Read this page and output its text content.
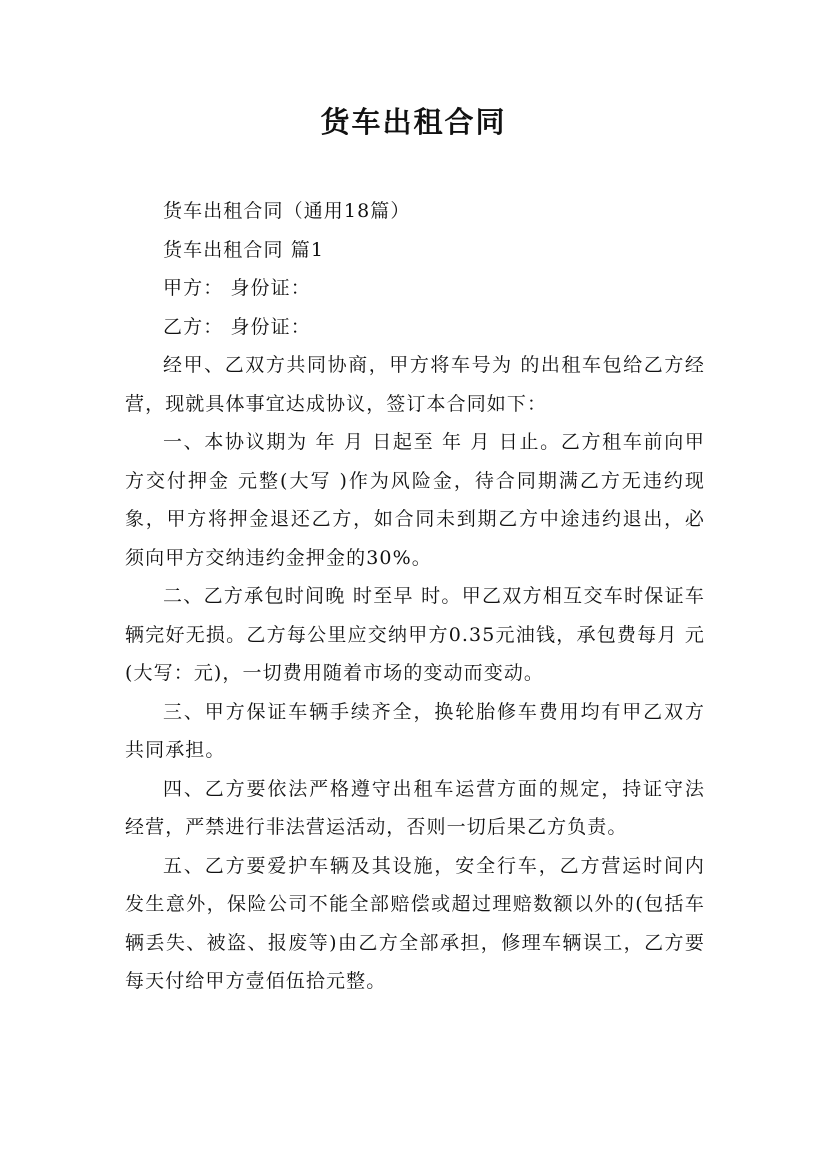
货车出租合同

货车出租合同（通用18篇）

货车出租合同 篇1

甲方： 身份证：

乙方： 身份证：

经甲、乙双方共同协商，甲方将车号为 的出租车包给乙方经营，现就具体事宜达成协议，签订本合同如下：

一、本协议期为 年 月 日起至 年 月 日止。乙方租车前向甲方交付押金 元整(大写 )作为风险金，待合同期满乙方无违约现象，甲方将押金退还乙方，如合同未到期乙方中途违约退出，必须向甲方交纳违约金押金的30%。

二、乙方承包时间晚 时至早 时。甲乙双方相互交车时保证车辆完好无损。乙方每公里应交纳甲方0.35元油钱，承包费每月 元(大写：元)，一切费用随着市场的变动而变动。

三、甲方保证车辆手续齐全，换轮胎修车费用均有甲乙双方共同承担。

四、乙方要依法严格遵守出租车运营方面的规定，持证守法经营，严禁进行非法营运活动，否则一切后果乙方负责。

五、乙方要爱护车辆及其设施，安全行车，乙方营运时间内发生意外，保险公司不能全部赔偿或超过理赔数额以外的(包括车辆丢失、被盗、报废等)由乙方全部承担，修理车辆误工，乙方要每天付给甲方壹佰伍拾元整。
